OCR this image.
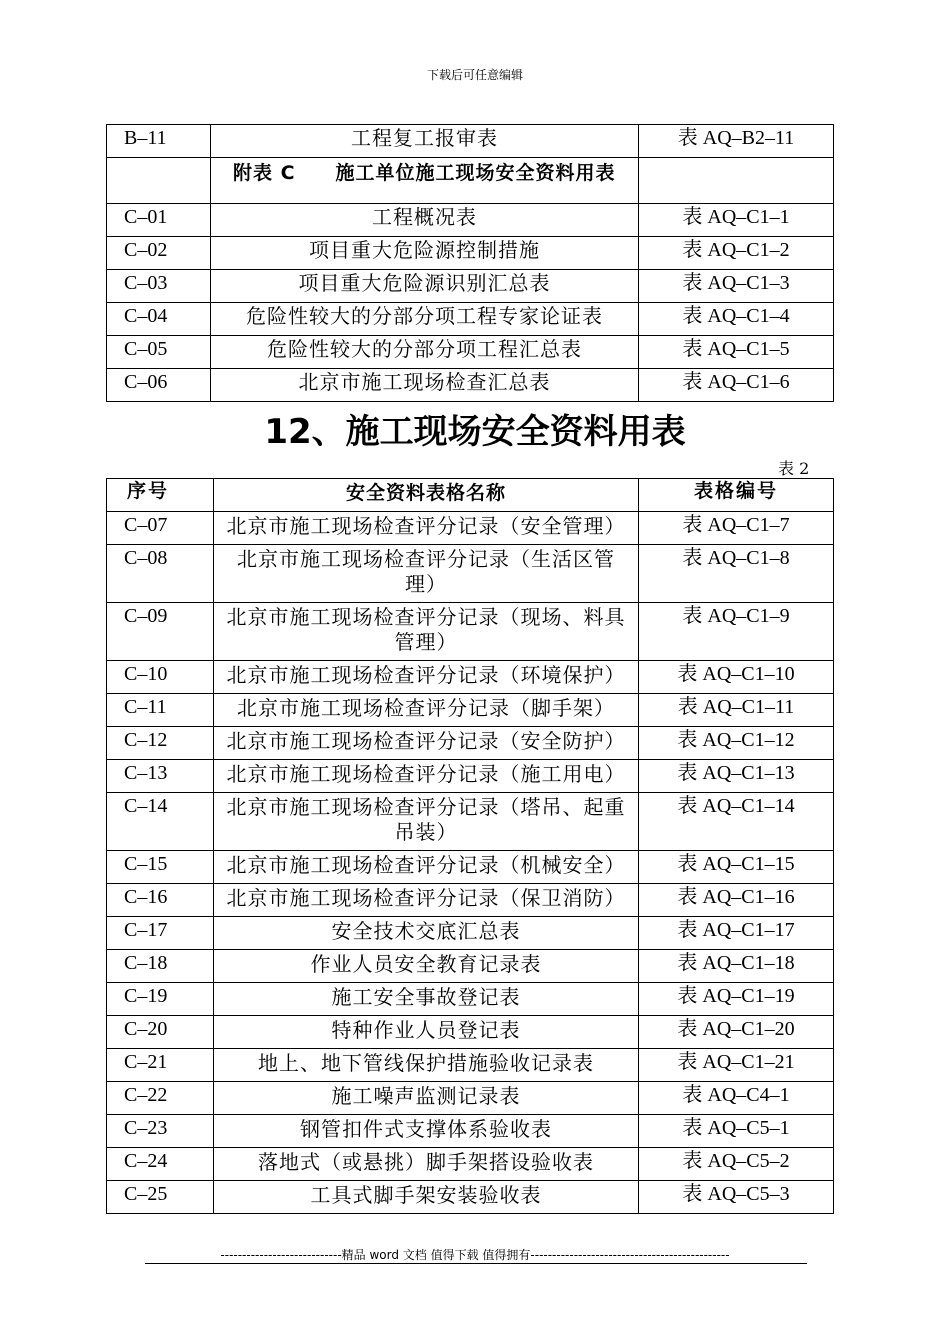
下载后可任意编辑
B–11	工程复工报审表	表 AQ–B2–11
	附表 C　　施工单位施工现场安全资料用表	
C–01	工程概况表	表 AQ–C1–1
C–02	项目重大危险源控制措施	表 AQ–C1–2
C–03	项目重大危险源识别汇总表	表 AQ–C1–3
C–04	危险性较大的分部分项工程专家论证表	表 AQ–C1–4
C–05	危险性较大的分部分项工程汇总表	表 AQ–C1–5
C–06	北京市施工现场检查汇总表	表 AQ–C1–6
12、施工现场安全资料用表
表 2
序号	安全资料表格名称	表格编号
C–07	北京市施工现场检查评分记录（安全管理）	表 AQ–C1–7
C–08	北京市施工现场检查评分记录（生活区管理）	表 AQ–C1–8
C–09	北京市施工现场检查评分记录（现场、料具管理）	表 AQ–C1–9
C–10	北京市施工现场检查评分记录（环境保护）	表 AQ–C1–10
C–11	北京市施工现场检查评分记录（脚手架）	表 AQ–C1–11
C–12	北京市施工现场检查评分记录（安全防护）	表 AQ–C1–12
C–13	北京市施工现场检查评分记录（施工用电）	表 AQ–C1–13
C–14	北京市施工现场检查评分记录（塔吊、起重吊装）	表 AQ–C1–14
C–15	北京市施工现场检查评分记录（机械安全）	表 AQ–C1–15
C–16	北京市施工现场检查评分记录（保卫消防）	表 AQ–C1–16
C–17	安全技术交底汇总表	表 AQ–C1–17
C–18	作业人员安全教育记录表	表 AQ–C1–18
C–19	施工安全事故登记表	表 AQ–C1–19
C–20	特种作业人员登记表	表 AQ–C1–20
C–21	地上、地下管线保护措施验收记录表	表 AQ–C1–21
C–22	施工噪声监测记录表	表 AQ–C4–1
C–23	钢管扣件式支撑体系验收表	表 AQ–C5–1
C–24	落地式（或悬挑）脚手架搭设验收表	表 AQ–C5–2
C–25	工具式脚手架安装验收表	表 AQ–C5–3
----------------------------精品 word 文档 值得下载 值得拥有----------------------------------------------
